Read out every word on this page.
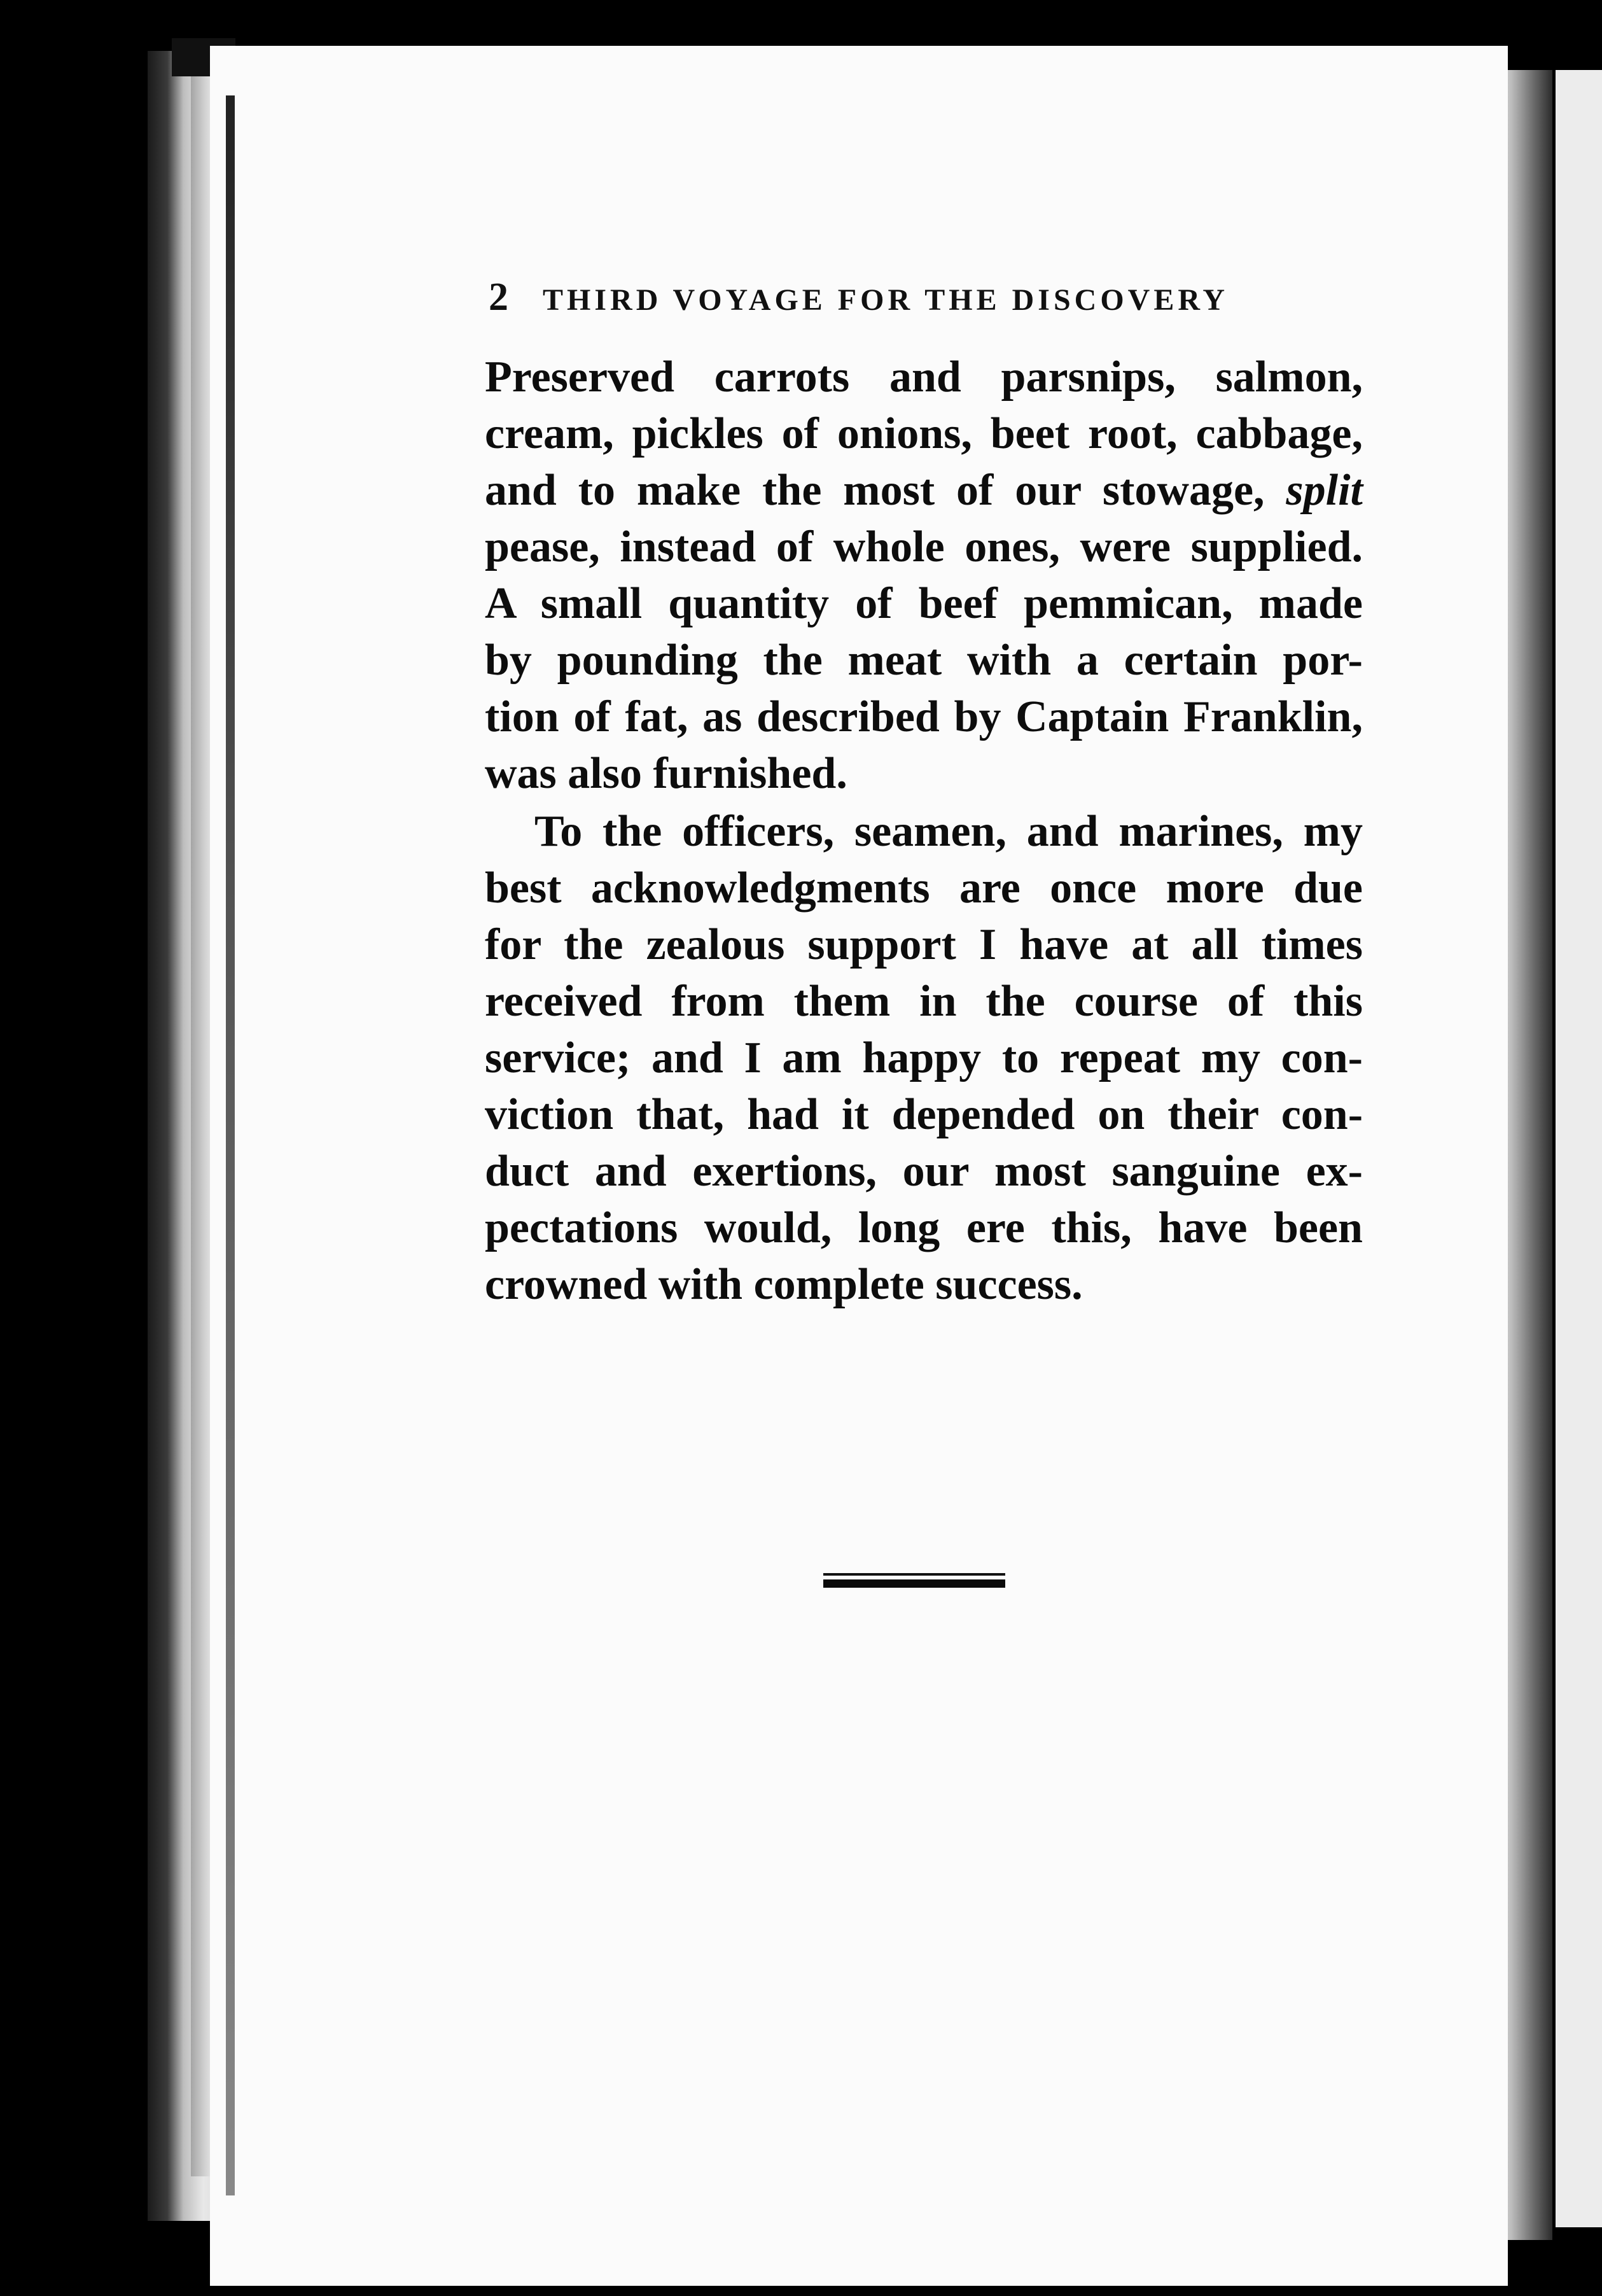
2 THIRD VOYAGE FOR THE DISCOVERY
Preserved carrots and parsnips, salmon,
cream, pickles of onions, beet root, cabbage,
and to make the most of our stowage, split
pease, instead of whole ones, were supplied.
A small quantity of beef pemmican, made
by pounding the meat with a certain por-
tion of fat, as described by Captain Franklin,
was also furnished.
To the officers, seamen, and marines, my
best acknowledgments are once more due
for the zealous support I have at all times
received from them in the course of this
service; and I am happy to repeat my con-
viction that, had it depended on their con-
duct and exertions, our most sanguine ex-
pectations would, long ere this, have been
crowned with complete success.
